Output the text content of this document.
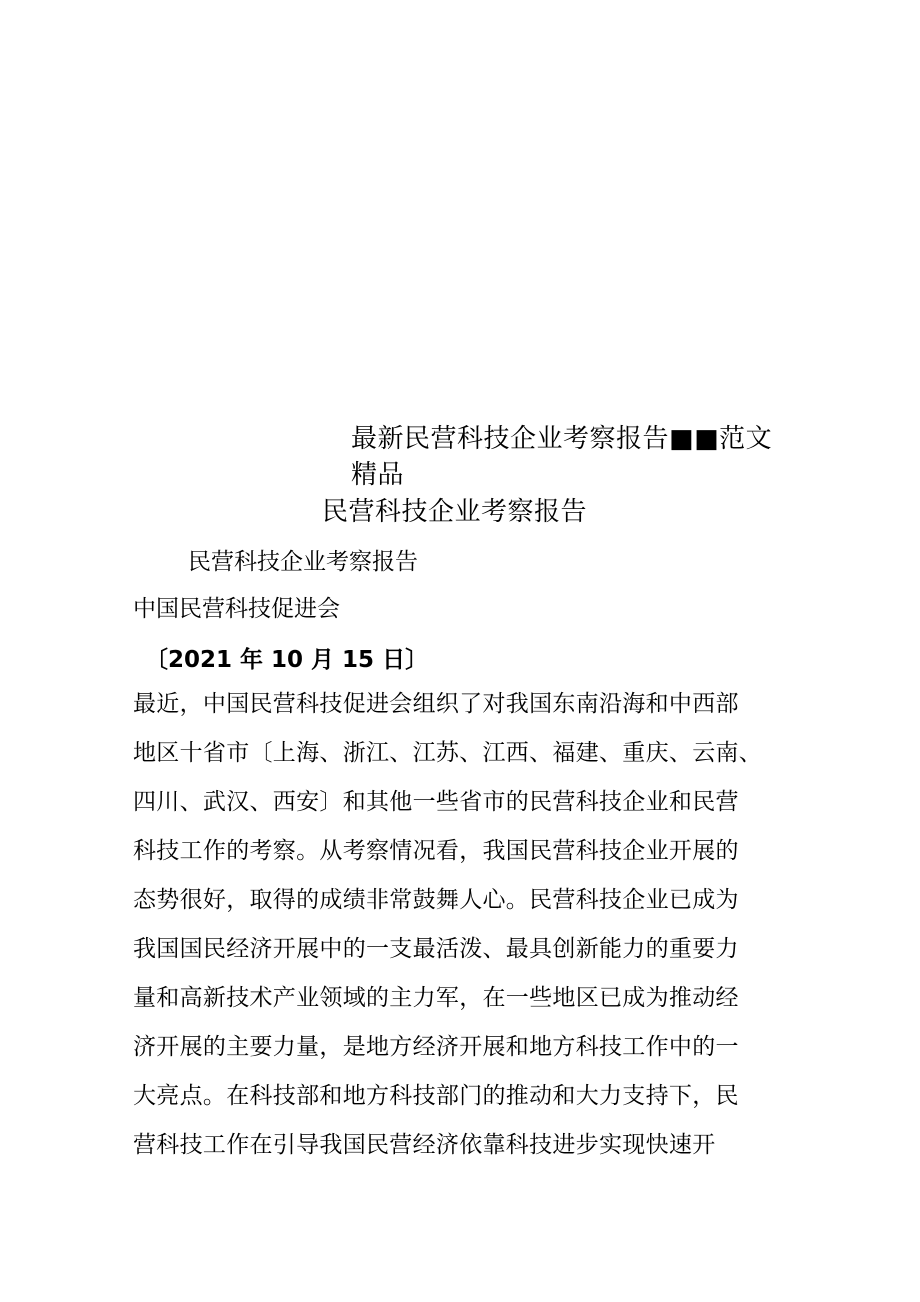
最新民营科技企业考察报告■■范文精品
民营科技企业考察报告
民营科技企业考察报告
中国民营科技促进会
〔2021 年 10 月 15 日〕
最近，中国民营科技促进会组织了对我国东南沿海和中西部
地区十省市〔上海、浙江、江苏、江西、福建、重庆、云南、
四川、武汉、西安〕和其他一些省市的民营科技企业和民营
科技工作的考察。从考察情况看，我国民营科技企业开展的
态势很好，取得的成绩非常鼓舞人心。民营科技企业已成为
我国国民经济开展中的一支最活泼、最具创新能力的重要力
量和高新技术产业领域的主力军，在一些地区已成为推动经
济开展的主要力量，是地方经济开展和地方科技工作中的一
大亮点。在科技部和地方科技部门的推动和大力支持下，民
营科技工作在引导我国民营经济依靠科技进步实现快速开
